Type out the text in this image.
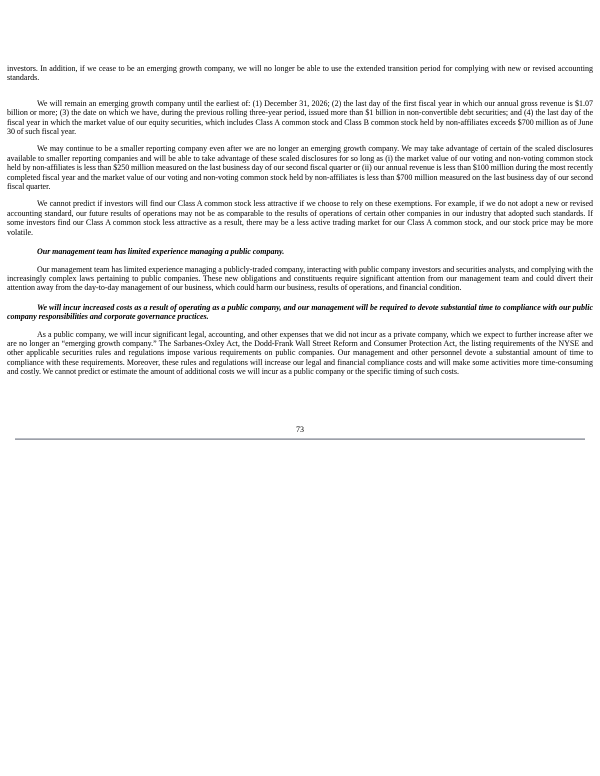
investors. In addition, if we cease to be an emerging growth company, we will no longer be able to use the extended transition period for complying with new or revised accounting standards.

We will remain an emerging growth company until the earliest of: (1) December 31, 2026; (2) the last day of the first fiscal year in which our annual gross revenue is $1.07 billion or more; (3) the date on which we have, during the previous rolling three-year period, issued more than $1 billion in non-convertible debt securities; and (4) the last day of the fiscal year in which the market value of our equity securities, which includes Class A common stock and Class B common stock held by non-affiliates exceeds $700 million as of June 30 of such fiscal year.

We may continue to be a smaller reporting company even after we are no longer an emerging growth company. We may take advantage of certain of the scaled disclosures available to smaller reporting companies and will be able to take advantage of these scaled disclosures for so long as (i) the market value of our voting and non-voting common stock held by non-affiliates is less than $250 million measured on the last business day of our second fiscal quarter or (ii) our annual revenue is less than $100 million during the most recently completed fiscal year and the market value of our voting and non-voting common stock held by non-affiliates is less than $700 million measured on the last business day of our second fiscal quarter.

We cannot predict if investors will find our Class A common stock less attractive if we choose to rely on these exemptions. For example, if we do not adopt a new or revised accounting standard, our future results of operations may not be as comparable to the results of operations of certain other companies in our industry that adopted such standards. If some investors find our Class A common stock less attractive as a result, there may be a less active trading market for our Class A common stock, and our stock price may be more volatile.

Our management team has limited experience managing a public company.

Our management team has limited experience managing a publicly-traded company, interacting with public company investors and securities analysts, and complying with the increasingly complex laws pertaining to public companies. These new obligations and constituents require significant attention from our management team and could divert their attention away from the day-to-day management of our business, which could harm our business, results of operations, and financial condition.

We will incur increased costs as a result of operating as a public company, and our management will be required to devote substantial time to compliance with our public company responsibilities and corporate governance practices.

As a public company, we will incur significant legal, accounting, and other expenses that we did not incur as a private company, which we expect to further increase after we are no longer an “emerging growth company.” The Sarbanes-Oxley Act, the Dodd-Frank Wall Street Reform and Consumer Protection Act, the listing requirements of the NYSE and other applicable securities rules and regulations impose various requirements on public companies. Our management and other personnel devote a substantial amount of time to compliance with these requirements. Moreover, these rules and regulations will increase our legal and financial compliance costs and will make some activities more time-consuming and costly. We cannot predict or estimate the amount of additional costs we will incur as a public company or the specific timing of such costs.

73
